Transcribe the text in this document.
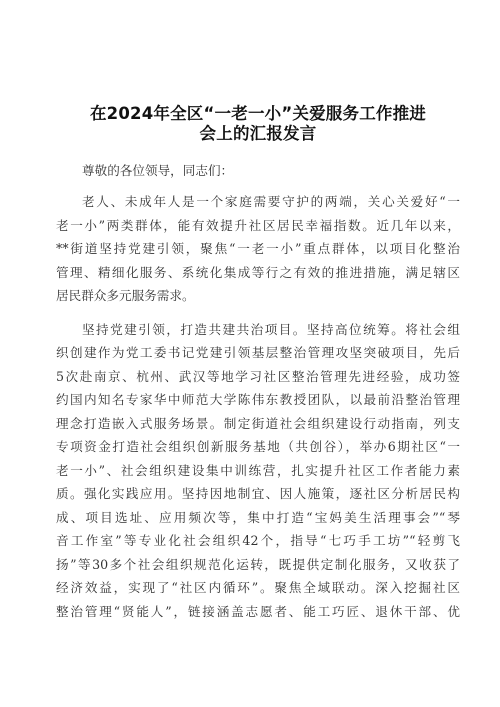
在2024年全区“一老一小”关爱服务工作推进
会上的汇报发言

尊敬的各位领导，同志们：

老人、未成年人是一个家庭需要守护的两端，关心关爱好“一
老一小”两类群体，能有效提升社区居民幸福指数。近几年以来，
**街道坚持党建引领，聚焦“一老一小”重点群体，以项目化整治
管理、精细化服务、系统化集成等行之有效的推进措施，满足辖区
居民群众多元服务需求。
坚持党建引领，打造共建共治项目。坚持高位统筹。将社会组
织创建作为党工委书记党建引领基层整治管理攻坚突破项目，先后
5次赴南京、杭州、武汉等地学习社区整治管理先进经验，成功签
约国内知名专家华中师范大学陈伟东教授团队，以最前沿整治管理
理念打造嵌入式服务场景。制定街道社会组织建设行动指南，列支
专项资金打造社会组织创新服务基地（共创谷），举办6期社区“一
老一小”、社会组织建设集中训练营，扎实提升社区工作者能力素
质。强化实践应用。坚持因地制宜、因人施策，逐社区分析居民构
成、项目选址、应用频次等，集中打造“宝妈美生活理事会”“琴
音工作室”等专业化社会组织42个，指导“七巧手工坊”“轻剪飞
扬”等30多个社会组织规范化运转，既提供定制化服务，又收获了
经济效益，实现了“社区内循环”。聚焦全域联动。深入挖掘社区
整治管理“贤能人”，链接涵盖志愿者、能工巧匠、退休干部、优
